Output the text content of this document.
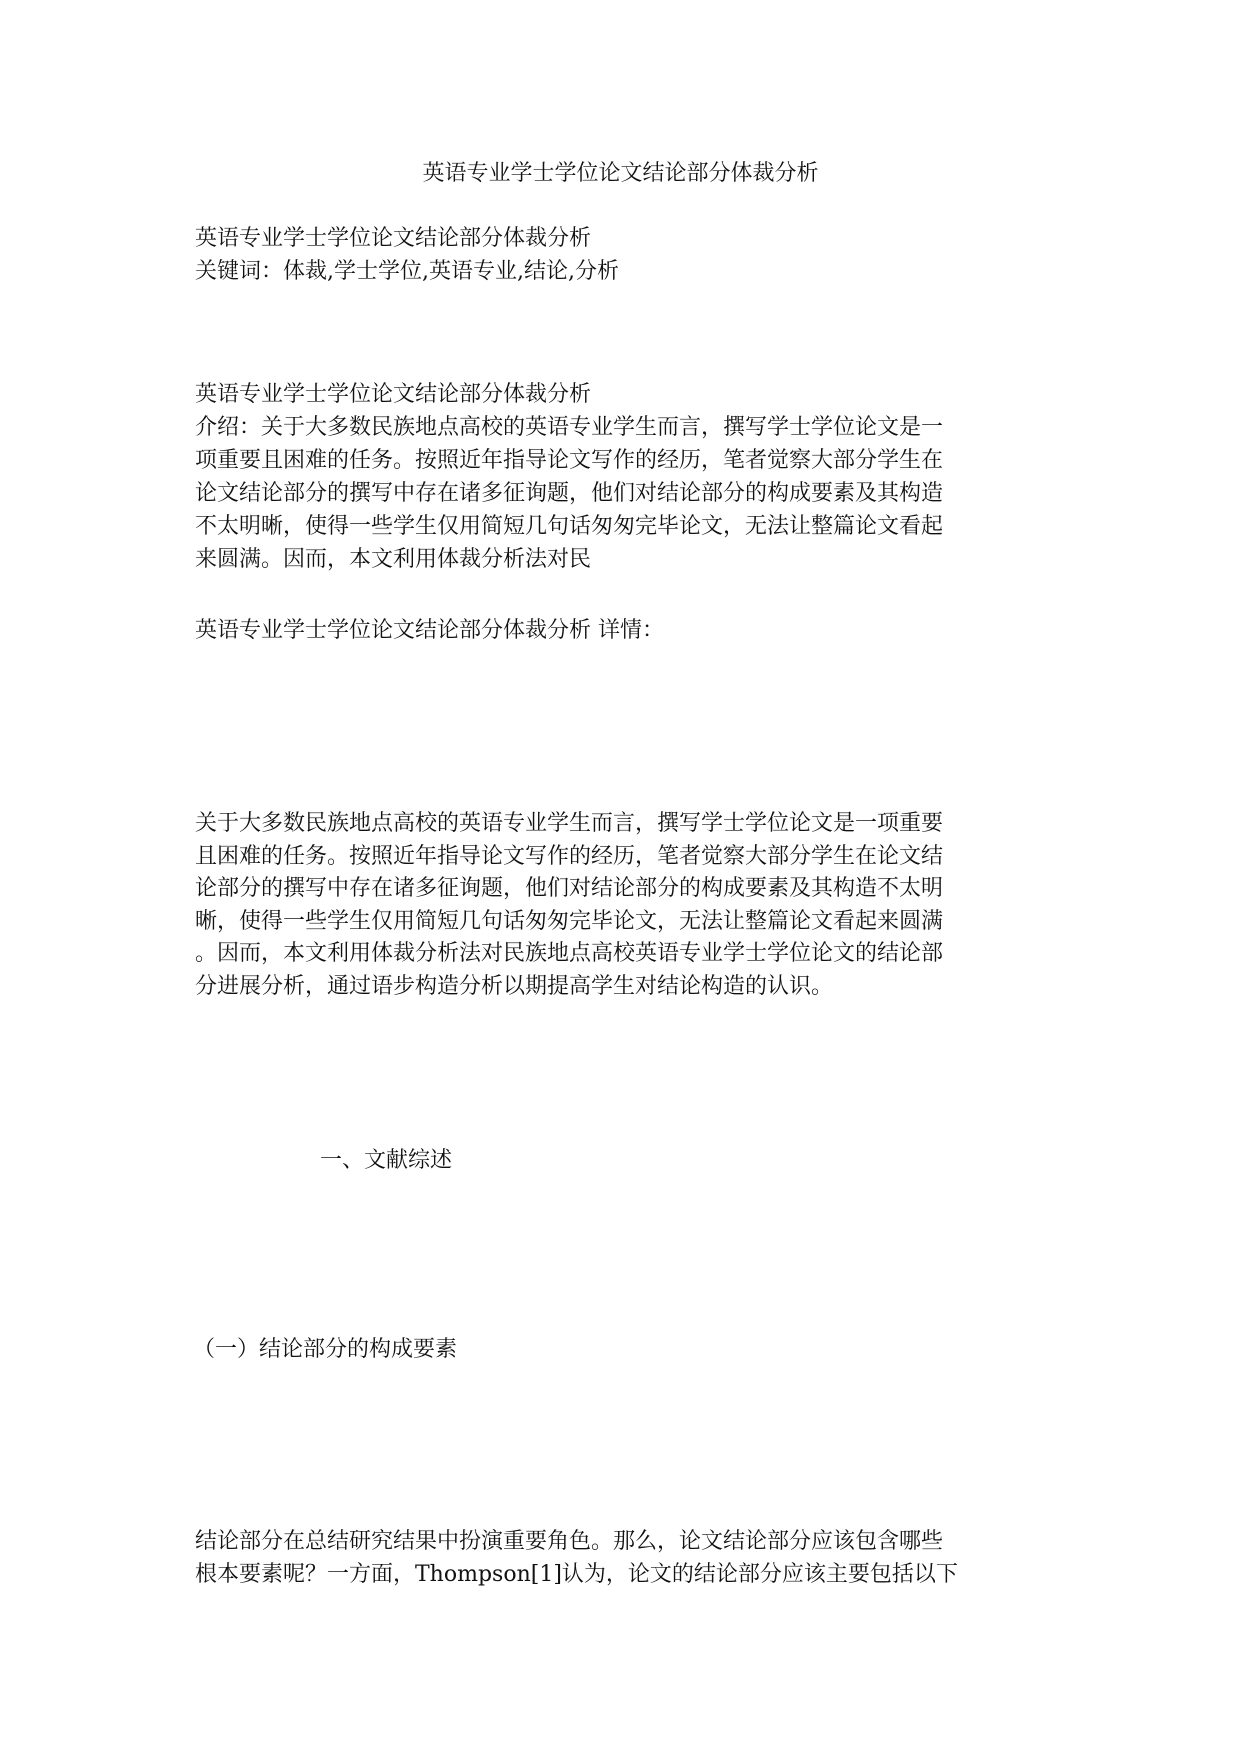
英语专业学士学位论文结论部分体裁分析

英语专业学士学位论文结论部分体裁分析

关键词：体裁,学士学位,英语专业,结论,分析

英语专业学士学位论文结论部分体裁分析

介绍：关于大多数民族地点高校的英语专业学生而言，撰写学士学位论文是一

项重要且困难的任务。按照近年指导论文写作的经历，笔者觉察大部分学生在

论文结论部分的撰写中存在诸多征询题，他们对结论部分的构成要素及其构造

不太明晰，使得一些学生仅用简短几句话匆匆完毕论文，无法让整篇论文看起

来圆满。因而，本文利用体裁分析法对民

英语专业学士学位论文结论部分体裁分析 详情：

关于大多数民族地点高校的英语专业学生而言，撰写学士学位论文是一项重要

且困难的任务。按照近年指导论文写作的经历，笔者觉察大部分学生在论文结

论部分的撰写中存在诸多征询题，他们对结论部分的构成要素及其构造不太明

晰，使得一些学生仅用简短几句话匆匆完毕论文，无法让整篇论文看起来圆满

。因而，本文利用体裁分析法对民族地点高校英语专业学士学位论文的结论部

分进展分析，通过语步构造分析以期提高学生对结论构造的认识。

一、文献综述
（一）结论部分的构成要素

结论部分在总结研究结果中扮演重要角色。那么，论文结论部分应该包含哪些

根本要素呢？一方面，Thompson[1]认为，论文的结论部分应该主要包括以下
